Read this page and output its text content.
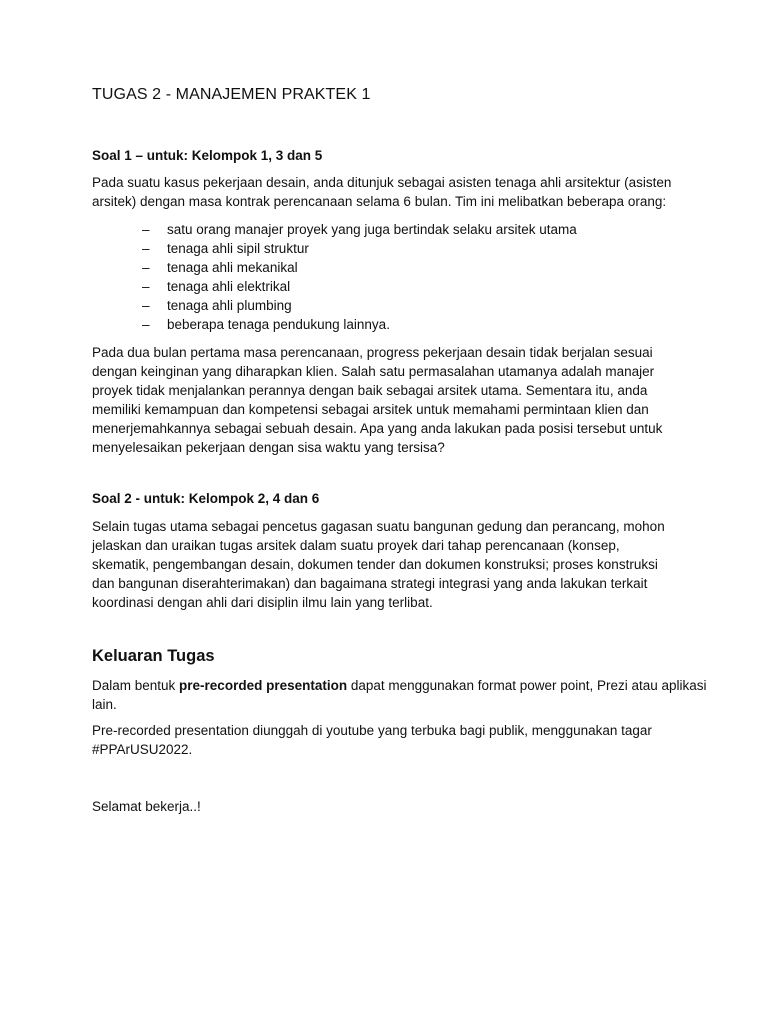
TUGAS 2 - MANAJEMEN PRAKTEK 1
Soal 1 – untuk: Kelompok 1, 3 dan 5

Pada suatu kasus pekerjaan desain, anda ditunjuk sebagai asisten tenaga ahli arsitektur (asisten
arsitek) dengan masa kontrak perencanaan selama 6 bulan. Tim ini melibatkan beberapa orang:

– satu orang manajer proyek yang juga bertindak selaku arsitek utama
– tenaga ahli sipil struktur
– tenaga ahli mekanikal
– tenaga ahli elektrikal
– tenaga ahli plumbing
– beberapa tenaga pendukung lainnya.

Pada dua bulan pertama masa perencanaan, progress pekerjaan desain tidak berjalan sesuai
dengan keinginan yang diharapkan klien. Salah satu permasalahan utamanya adalah manajer
proyek tidak menjalankan perannya dengan baik sebagai arsitek utama. Sementara itu, anda
memiliki kemampuan dan kompetensi sebagai arsitek untuk memahami permintaan klien dan
menerjemahkannya sebagai sebuah desain. Apa yang anda lakukan pada posisi tersebut untuk
menyelesaikan pekerjaan dengan sisa waktu yang tersisa?

Soal 2 - untuk: Kelompok 2, 4 dan 6

Selain tugas utama sebagai pencetus gagasan suatu bangunan gedung dan perancang, mohon
jelaskan dan uraikan tugas arsitek dalam suatu proyek dari tahap perencanaan (konsep,
skematik, pengembangan desain, dokumen tender dan dokumen konstruksi; proses konstruksi
dan bangunan diserahterimakan) dan bagaimana strategi integrasi yang anda lakukan terkait
koordinasi dengan ahli dari disiplin ilmu lain yang terlibat.

Keluaran Tugas

Dalam bentuk pre-recorded presentation dapat menggunakan format power point, Prezi atau aplikasi
lain.

Pre-recorded presentation diunggah di youtube yang terbuka bagi publik, menggunakan tagar
#PPArUSU2022.

Selamat bekerja..!
